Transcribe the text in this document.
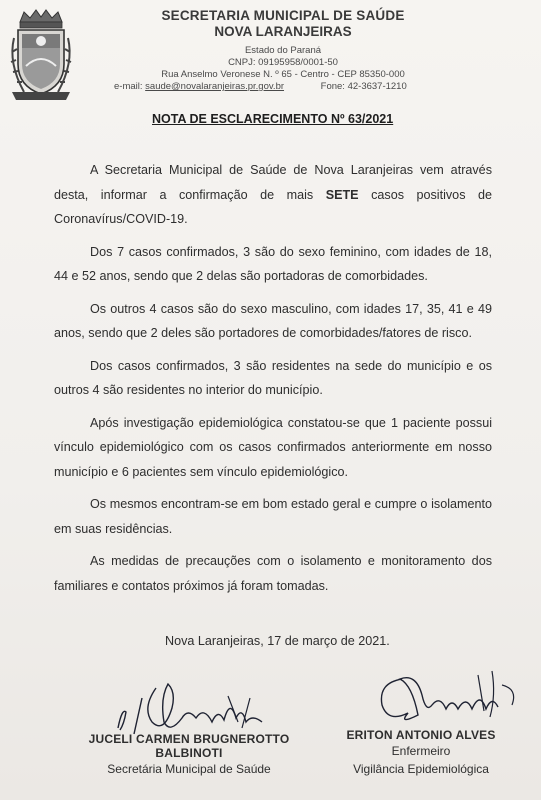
SECRETARIA MUNICIPAL DE SAÚDE
NOVA LARANJEIRAS
Estado do Paraná
CNPJ: 09195958/0001-50
Rua Anselmo Veronese N. º 65 - Centro - CEP 85350-000
e-mail: saude@novalaranjeiras.pr.gov.br	Fone: 42-3637-1210
NOTA DE ESCLARECIMENTO Nº 63/2021

A Secretaria Municipal de Saúde de Nova Laranjeiras vem através desta, informar a confirmação de mais SETE casos positivos de Coronavírus/COVID-19.

Dos 7 casos confirmados, 3 são do sexo feminino, com idades de 18, 44 e 52 anos, sendo que 2 delas são portadoras de comorbidades.

Os outros 4 casos são do sexo masculino, com idades 17, 35, 41 e 49 anos, sendo que 2 deles são portadores de comorbidades/fatores de risco.

Dos casos confirmados, 3 são residentes na sede do município e os outros 4 são residentes no interior do município.

Após investigação epidemiológica constatou-se que 1 paciente possui vínculo epidemiológico com os casos confirmados anteriormente em nosso município e 6 pacientes sem vínculo epidemiológico.

Os mesmos encontram-se em bom estado geral e cumpre o isolamento em suas residências.

As medidas de precauções com o isolamento e monitoramento dos familiares e contatos próximos já foram tomadas.

Nova Laranjeiras, 17 de março de 2021.
JUCELI CARMEN BRUGNEROTTO BALBINOTI
Secretária Municipal de Saúde
ERITON ANTONIO ALVES
Enfermeiro
Vigilância Epidemiológica
